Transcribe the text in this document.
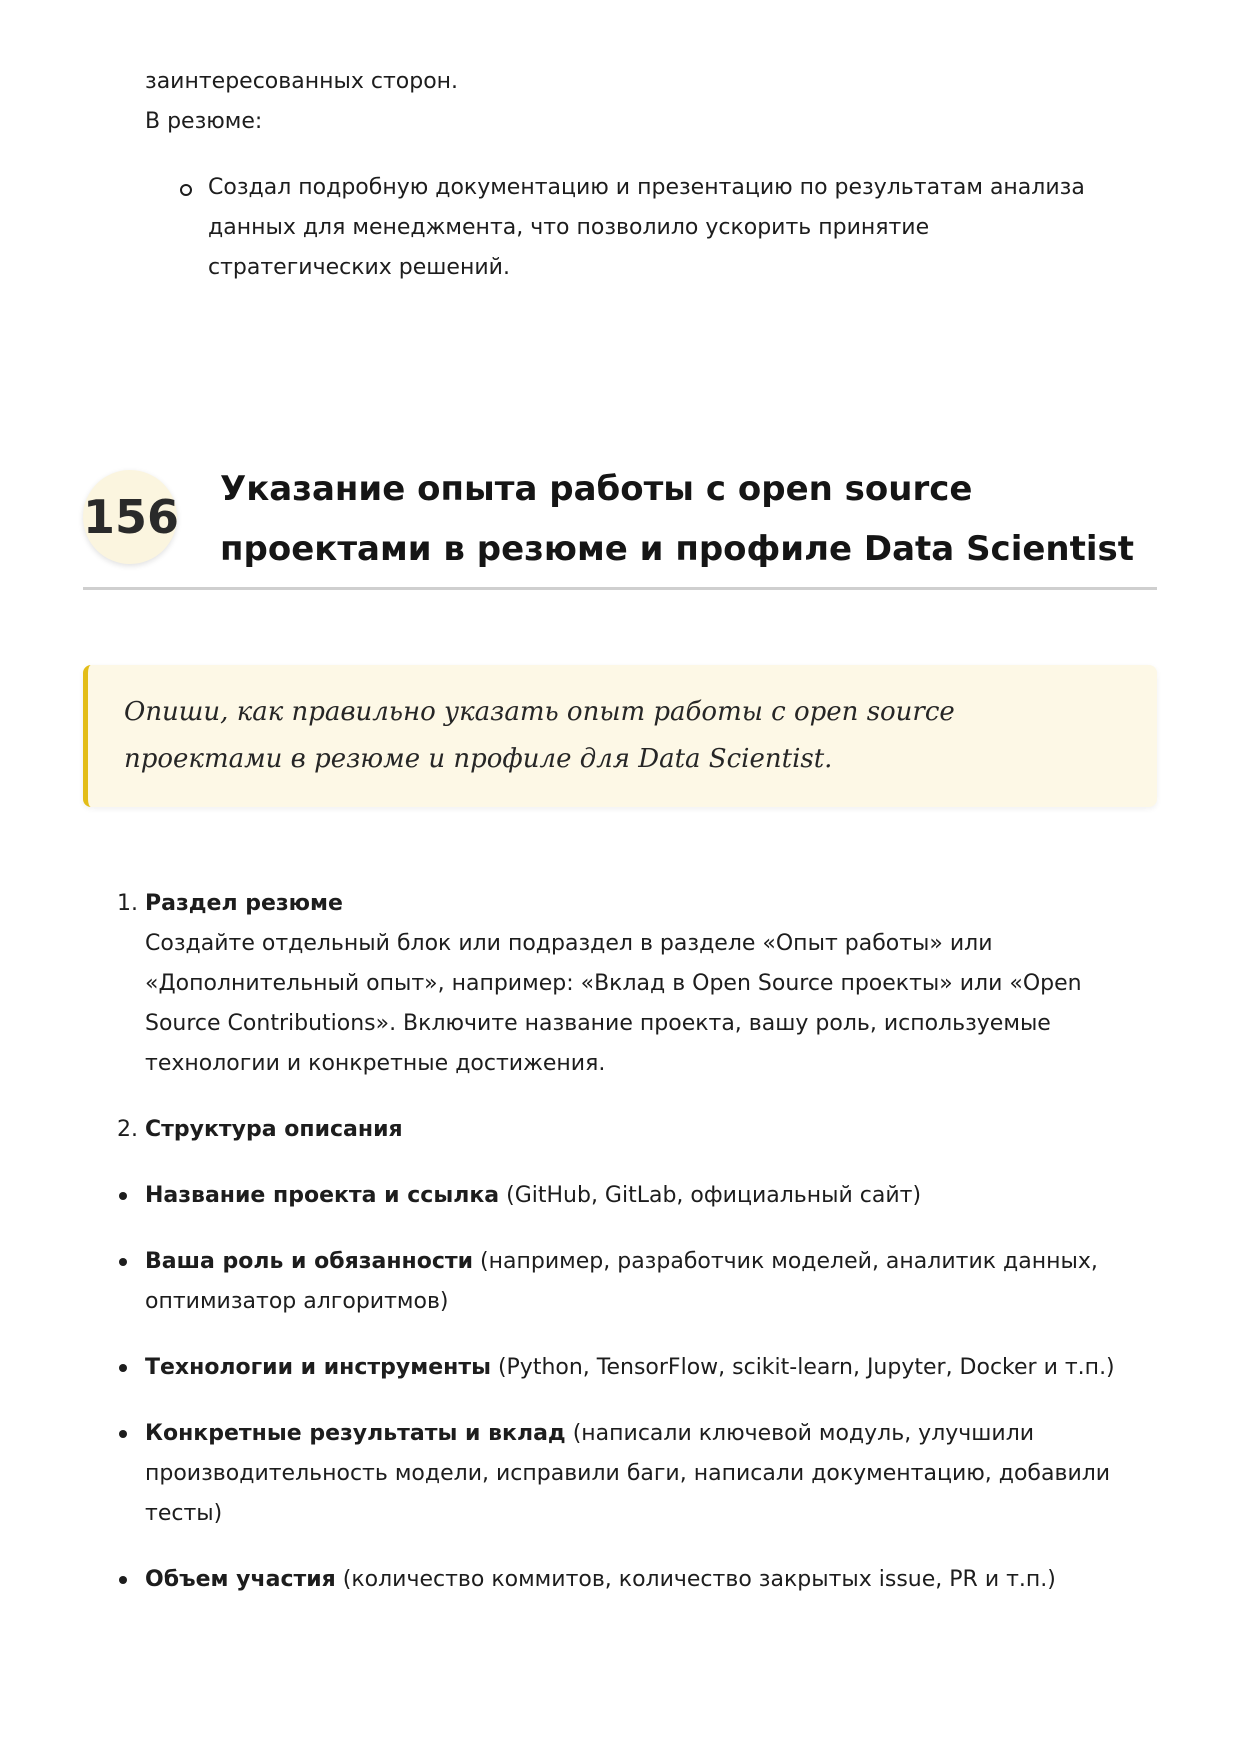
заинтересованных сторон.

В резюме:

Создал подробную документацию и презентацию по результатам анализа данных для менеджмента, что позволило ускорить принятие стратегических решений.
156
Указание опыта работы с open source проектами в резюме и профиле Data Scientist

Опиши, как правильно указать опыт работы с open source проектами в резюме и профиле для Data Scientist.

1. Раздел резюме
Создайте отдельный блок или подраздел в разделе «Опыт работы» или «Дополнительный опыт», например: «Вклад в Open Source проекты» или «Open Source Contributions». Включите название проекта, вашу роль, используемые технологии и конкретные достижения.
2. Структура описания
Название проекта и ссылка (GitHub, GitLab, официальный сайт)
Ваша роль и обязанности (например, разработчик моделей, аналитик данных, оптимизатор алгоритмов)
Технологии и инструменты (Python, TensorFlow, scikit-learn, Jupyter, Docker и т.п.)
Конкретные результаты и вклад (написали ключевой модуль, улучшили производительность модели, исправили баги, написали документацию, добавили тесты)
Объем участия (количество коммитов, количество закрытых issue, PR и т.п.)
